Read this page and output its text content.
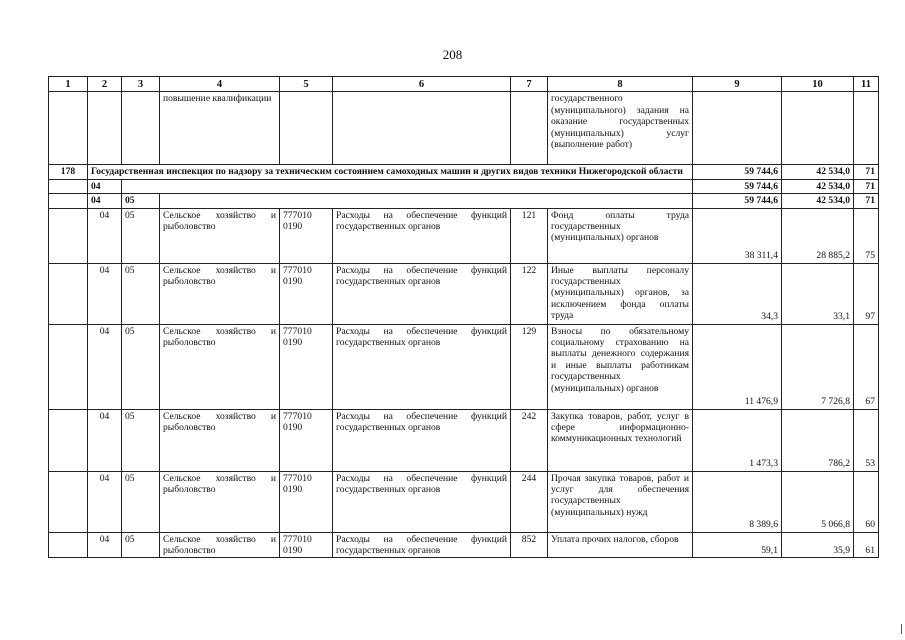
208
1	2	3	4	5	6	7	8	9	10	11
			повышение квалификации				государственного (муниципального) задания на оказание государственных (муниципальных) услуг (выполнение работ)			
178	Государственная инспекция по надзору за техническим состоянием самоходных машин и других видов техники Нижегородской области							59 744,6	42 534,0	71
	04							59 744,6	42 534,0	71
	04	05						59 744,6	42 534,0	71
	04	05	Сельское хозяйство и рыболовство	777010 0190	Расходы на обеспечение функций государственных органов	121	Фонд оплаты труда государственных (муниципальных) органов	38 311,4	28 885,2	75
	04	05	Сельское хозяйство и рыболовство	777010 0190	Расходы на обеспечение функций государственных органов	122	Иные выплаты персоналу государственных (муниципальных) органов, за исключением фонда оплаты труда	34,3	33,1	97
	04	05	Сельское хозяйство и рыболовство	777010 0190	Расходы на обеспечение функций государственных органов	129	Взносы по обязательному социальному страхованию на выплаты денежного содержания и иные выплаты работникам государственных (муниципальных) органов	11 476,9	7 726,8	67
	04	05	Сельское хозяйство и рыболовство	777010 0190	Расходы на обеспечение функций государственных органов	242	Закупка товаров, работ, услуг в сфере информационно-коммуникационных технологий	1 473,3	786,2	53
	04	05	Сельское хозяйство и рыболовство	777010 0190	Расходы на обеспечение функций государственных органов	244	Прочая закупка товаров, работ и услуг для обеспечения государственных (муниципальных) нужд	8 389,6	5 066,8	60
	04	05	Сельское хозяйство и рыболовство	777010 0190	Расходы на обеспечение функций государственных органов	852	Уплата прочих налогов, сборов	59,1	35,9	61
